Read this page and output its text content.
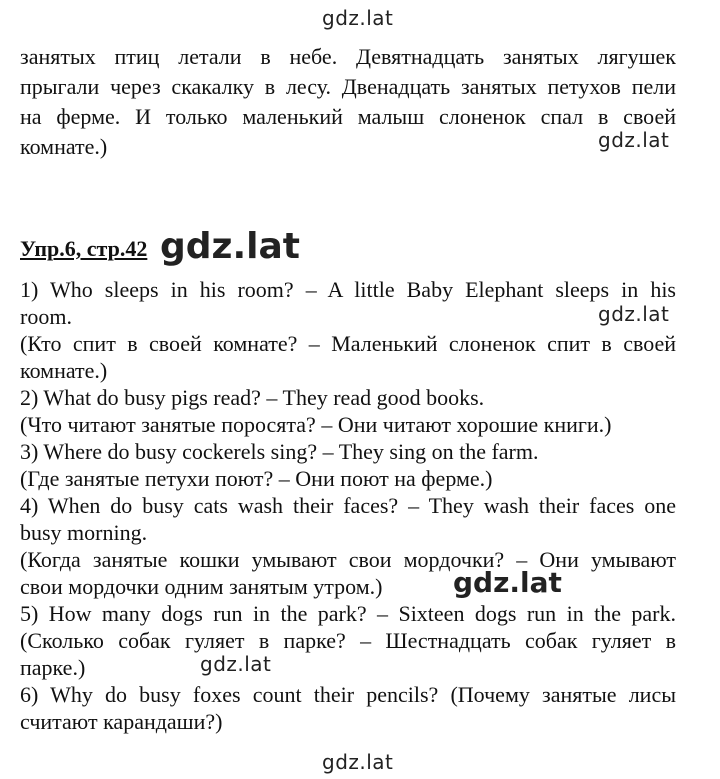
gdz.lat
занятых птиц летали в небе. Девятнадцать занятых лягушек
прыгали через скакалку в лесу. Двенадцать занятых петухов пели
на ферме. И только маленький малыш слоненок спал в своей
комнате.)	gdz.lat
Упр.6, стр.42 gdz.lat
1) Who sleeps in his room? – A little Baby Elephant sleeps in his
room.	gdz.lat
(Кто спит в своей комнате? – Маленький слоненок спит в своей
комнате.)
2) What do busy pigs read? – They read good books.
(Что читают занятые поросята? – Они читают хорошие книги.)
3) Where do busy cockerels sing? – They sing on the farm.
(Где занятые петухи поют? – Они поют на ферме.)
4) When do busy cats wash their faces? – They wash their faces one
busy morning.
(Когда занятые кошки умывают свои мордочки? – Они умывают
свои мордочки одним занятым утром.)	gdz.lat
5) How many dogs run in the park? – Sixteen dogs run in the park.
(Сколько собак гуляет в парке? – Шестнадцать собак гуляет в
парке.)	gdz.lat
6) Why do busy foxes count their pencils? (Почему занятые лисы
считают карандаши?)
gdz.lat
